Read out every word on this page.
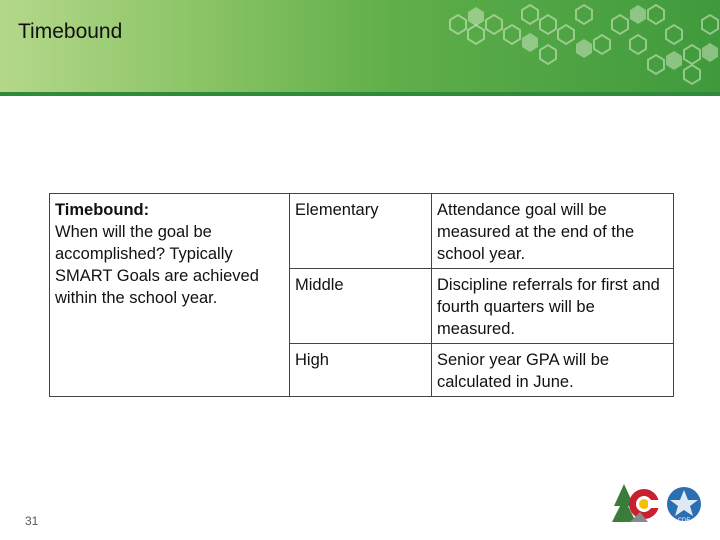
Timebound
Timebound:
When will the goal be accomplished? Typically SMART Goals are achieved within the school year.	Elementary	Attendance goal will be measured at the end of the school year.
	Middle	Discipline referrals for first and fourth quarters will be measured.
	High	Senior year GPA will be calculated in June.
31	CDE
